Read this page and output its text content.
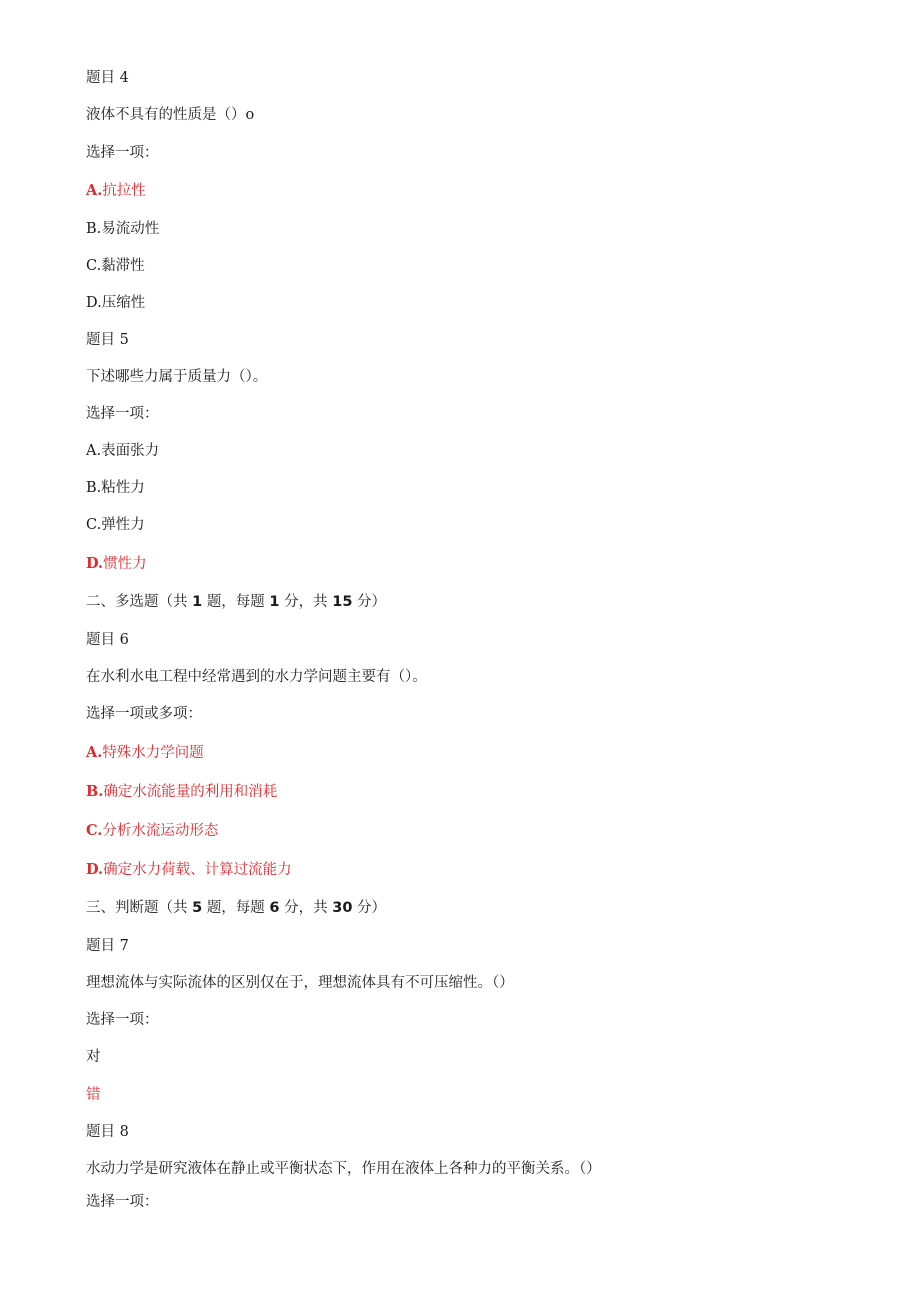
题目 4
液体不具有的性质是（）o
选择一项：
A.抗拉性
B.易流动性
C.黏滞性
D.压缩性
题目 5
下述哪些力属于质量力（）。
选择一项：
A.表面张力
B.粘性力
C.弹性力
D.惯性力
二、多选题（共 1 题，每题 1 分，共 15 分）
题目 6
在水利水电工程中经常遇到的水力学问题主要有（）。
选择一项或多项：
A.特殊水力学问题
B.确定水流能量的利用和消耗
C.分析水流运动形态
D.确定水力荷载、计算过流能力
三、判断题（共 5 题，每题 6 分，共 30 分）
题目 7
理想流体与实际流体的区别仅在于，理想流体具有不可压缩性。（）
选择一项：
对
错
题目 8
水动力学是研究液体在静止或平衡状态下，作用在液体上各种力的平衡关系。（）
选择一项：
